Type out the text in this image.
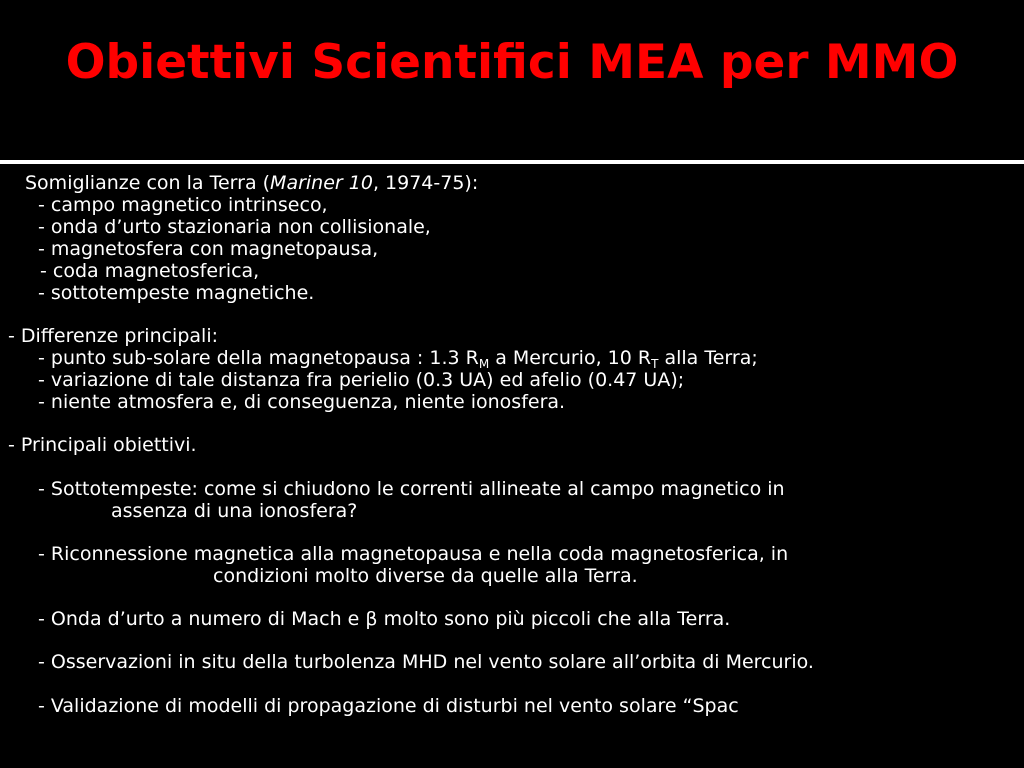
Obiettivi Scientifici MEA per MMO
Somiglianze con la Terra (Mariner 10, 1974-75):
- campo magnetico intrinseco,
- onda d’urto stazionaria non collisionale,
- magnetosfera con magnetopausa,
- coda magnetosferica,
- sottotempeste magnetiche.
- Differenze principali:
- punto sub-solare della magnetopausa : 1.3 $R_M$ a Mercurio, 10 $R_T$ alla Terra;
- variazione di tale distanza fra perielio (0.3 UA) ed afelio (0.47 UA);
- niente atmosfera e, di conseguenza, niente ionosfera.
- Principali obiettivi.
- Sottotempeste: come si chiudono le correnti allineate al campo magnetico in
assenza di una ionosfera?
- Riconnessione magnetica alla magnetopausa e nella coda magnetosferica, in
condizioni molto diverse da quelle alla Terra.
- Onda d’urto a numero di Mach e β molto sono più piccoli che alla Terra.
- Osservazioni in situ della turbolenza MHD nel vento solare all’orbita di Mercurio.
- Validazione di modelli di propagazione di disturbi nel vento solare “Spac
